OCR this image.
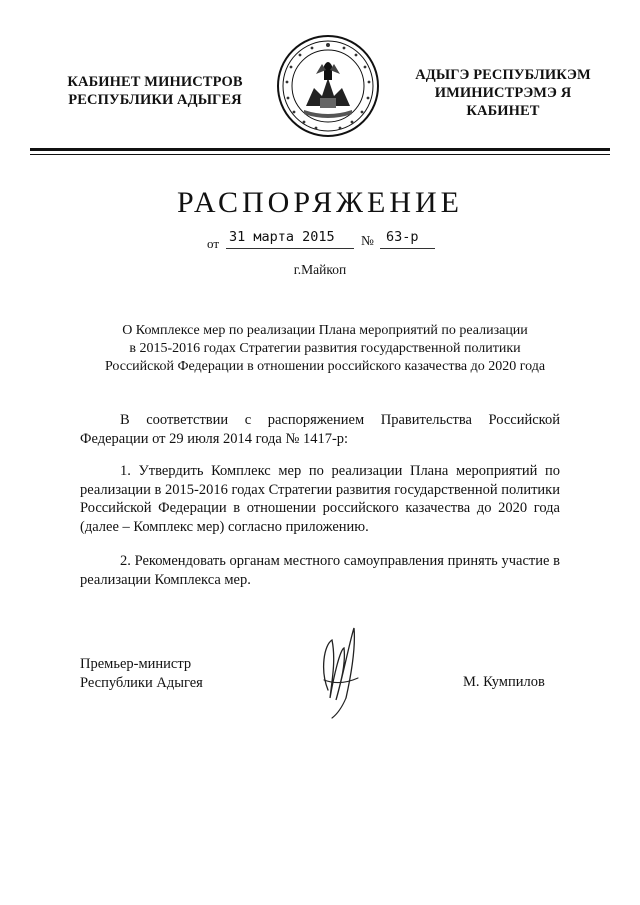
КАБИНЕТ МИНИСТРОВ
РЕСПУБЛИКИ АДЫГЕЯ
АДЫГЭ РЕСПУБЛИКЭМ
ИМИНИСТРЭМЭ Я КАБИНЕТ
РАСПОРЯЖЕНИЕ
от 31 марта 2015 № 63-р
г.Майкоп
О Комплексе мер по реализации Плана мероприятий по реализации
в 2015-2016 годах Стратегии развития государственной политики
Российской Федерации в отношении российского казачества до 2020 года
В соответствии с распоряжением Правительства Российской Федерации от 29 июля 2014 года № 1417-р:
1. Утвердить Комплекс мер по реализации Плана мероприятий по реализации в 2015-2016 годах Стратегии развития государственной политики Российской Федерации в отношении российского казачества до 2020 года (далее – Комплекс мер) согласно приложению.
2. Рекомендовать органам местного самоуправления принять участие в реализации Комплекса мер.
Премьер-министр
Республики Адыгея	М. Кумпилов
